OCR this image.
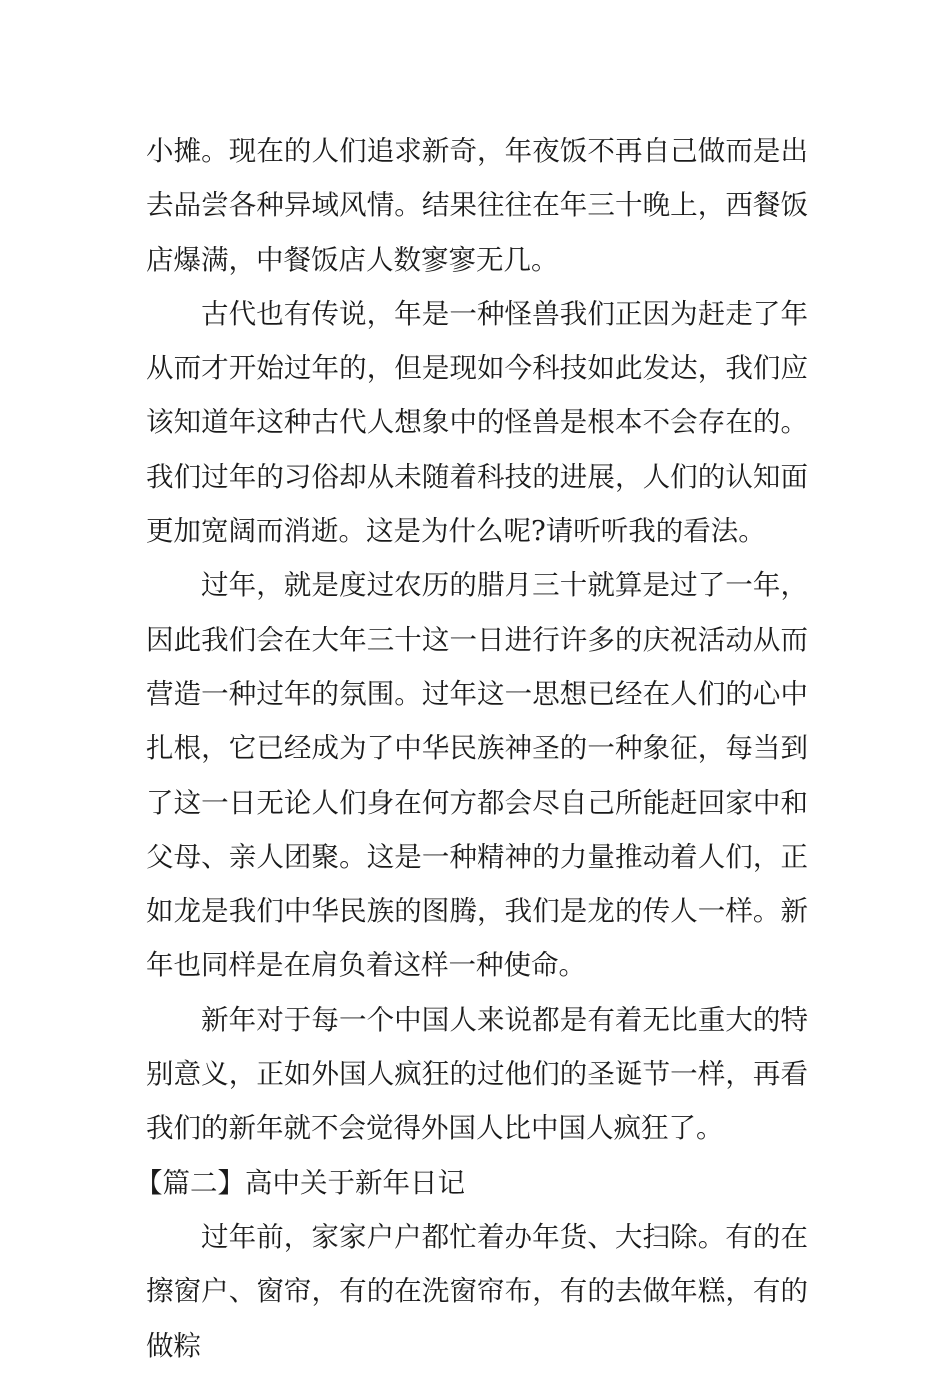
小摊。现在的人们追求新奇，年夜饭不再自己做而是出去品尝各种异域风情。结果往往在年三十晚上，西餐饭店爆满，中餐饭店人数寥寥无几。

古代也有传说，年是一种怪兽我们正因为赶走了年从而才开始过年的，但是现如今科技如此发达，我们应该知道年这种古代人想象中的怪兽是根本不会存在的。我们过年的习俗却从未随着科技的进展，人们的认知面更加宽阔而消逝。这是为什么呢?请听听我的看法。

过年，就是度过农历的腊月三十就算是过了一年，因此我们会在大年三十这一日进行许多的庆祝活动从而营造一种过年的氛围。过年这一思想已经在人们的心中扎根，它已经成为了中华民族神圣的一种象征，每当到了这一日无论人们身在何方都会尽自己所能赶回家中和父母、亲人团聚。这是一种精神的力量推动着人们，正如龙是我们中华民族的图腾，我们是龙的传人一样。新年也同样是在肩负着这样一种使命。

新年对于每一个中国人来说都是有着无比重大的特别意义，正如外国人疯狂的过他们的圣诞节一样，再看我们的新年就不会觉得外国人比中国人疯狂了。

【篇二】高中关于新年日记

过年前，家家户户都忙着办年货、大扫除。有的在擦窗户、窗帘，有的在洗窗帘布，有的去做年糕，有的做粽
